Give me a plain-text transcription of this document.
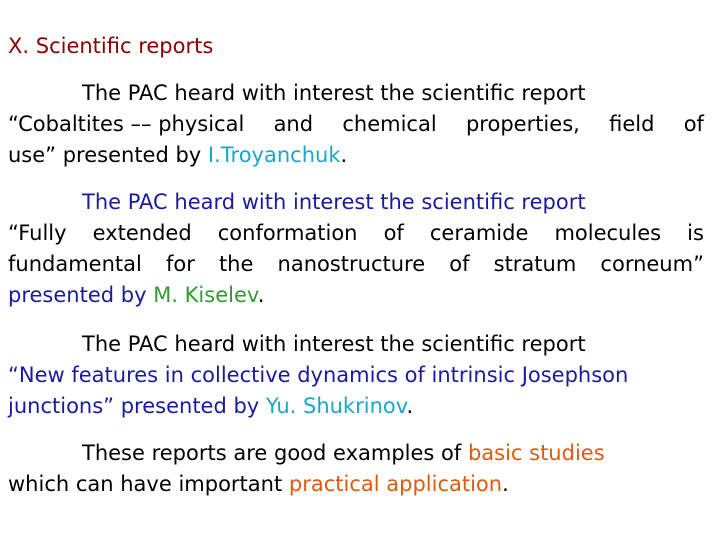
X. Scientific reports
The PAC heard with interest the scientific report
“Cobaltites –– physical and chemical properties, field of
use” presented by I.Troyanchuk.
The PAC heard with interest the scientific report
“Fully extended conformation of ceramide molecules is
fundamental for the nanostructure of stratum corneum”
presented by M. Kiselev.
The PAC heard with interest the scientific report
“New features in collective dynamics of intrinsic Josephson
junctions” presented by Yu. Shukrinov.
These reports are good examples of basic studies
which can have important practical application.
